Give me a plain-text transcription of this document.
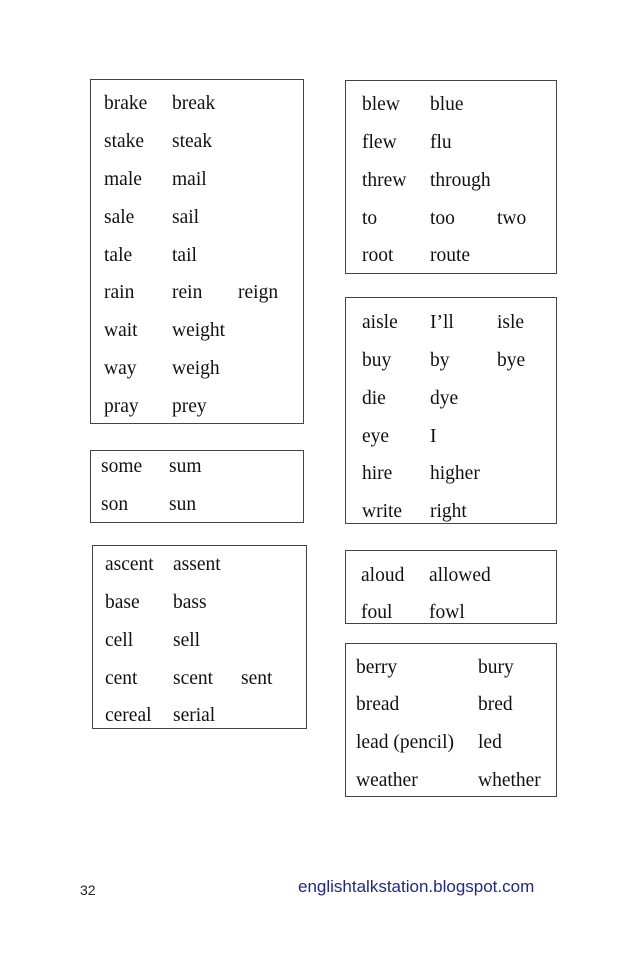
brake break
stake steak
male mail
sale sail
tale tail
rain rein reign
wait weight
way weigh
pray prey
some sum
son sun
ascent assent
base bass
cell sell
cent scent sent
cereal serial
blew blue
flew flu
threw through
to	too two
root route
aisle I’ll isle
buy by bye
die dye
eye I
hire higher
write right
aloud allowed
foul fowl
berry	bury
bread	bred
lead (pencil) led
weather	whether
32	englishtalkstation.blogspot.com
